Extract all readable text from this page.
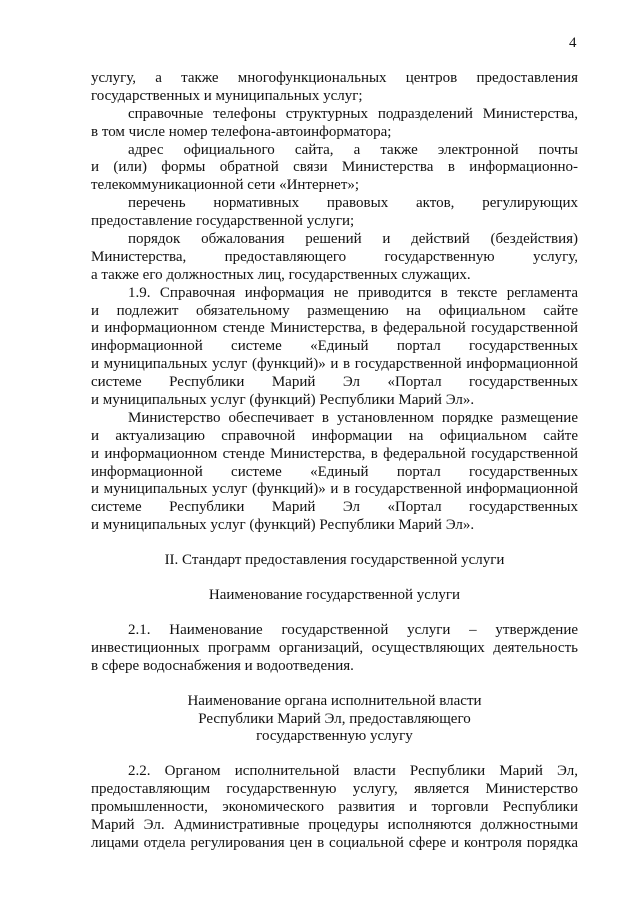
4
услугу, а также многофункциональных центров предоставления
государственных и муниципальных услуг;
справочные телефоны структурных подразделений Министерства,
в том числе номер телефона-автоинформатора;
адрес официального сайта, а также электронной почты
и (или) формы обратной связи Министерства в информационно-
телекоммуникационной сети «Интернет»;
перечень нормативных правовых актов, регулирующих
предоставление государственной услуги;
порядок обжалования решений и действий (бездействия)
Министерства, предоставляющего государственную услугу,
а также его должностных лиц, государственных служащих.
1.9. Справочная информация не приводится в тексте регламента
и подлежит обязательному размещению на официальном сайте
и информационном стенде Министерства, в федеральной государственной
информационной системе «Единый портал государственных
и муниципальных услуг (функций)» и в государственной информационной
системе Республики Марий Эл «Портал государственных
и муниципальных услуг (функций) Республики Марий Эл».
Министерство обеспечивает в установленном порядке размещение
и актуализацию справочной информации на официальном сайте
и информационном стенде Министерства, в федеральной государственной
информационной системе «Единый портал государственных
и муниципальных услуг (функций)» и в государственной информационной
системе Республики Марий Эл «Портал государственных
и муниципальных услуг (функций) Республики Марий Эл».
II. Стандарт предоставления государственной услуги
Наименование государственной услуги
2.1. Наименование государственной услуги – утверждение
инвестиционных программ организаций, осуществляющих деятельность
в сфере водоснабжения и водоотведения.
Наименование органа исполнительной власти
Республики Марий Эл, предоставляющего
государственную услугу
2.2. Органом исполнительной власти Республики Марий Эл,
предоставляющим государственную услугу, является Министерство
промышленности, экономического развития и торговли Республики
Марий Эл. Административные процедуры исполняются должностными
лицами отдела регулирования цен в социальной сфере и контроля порядка
